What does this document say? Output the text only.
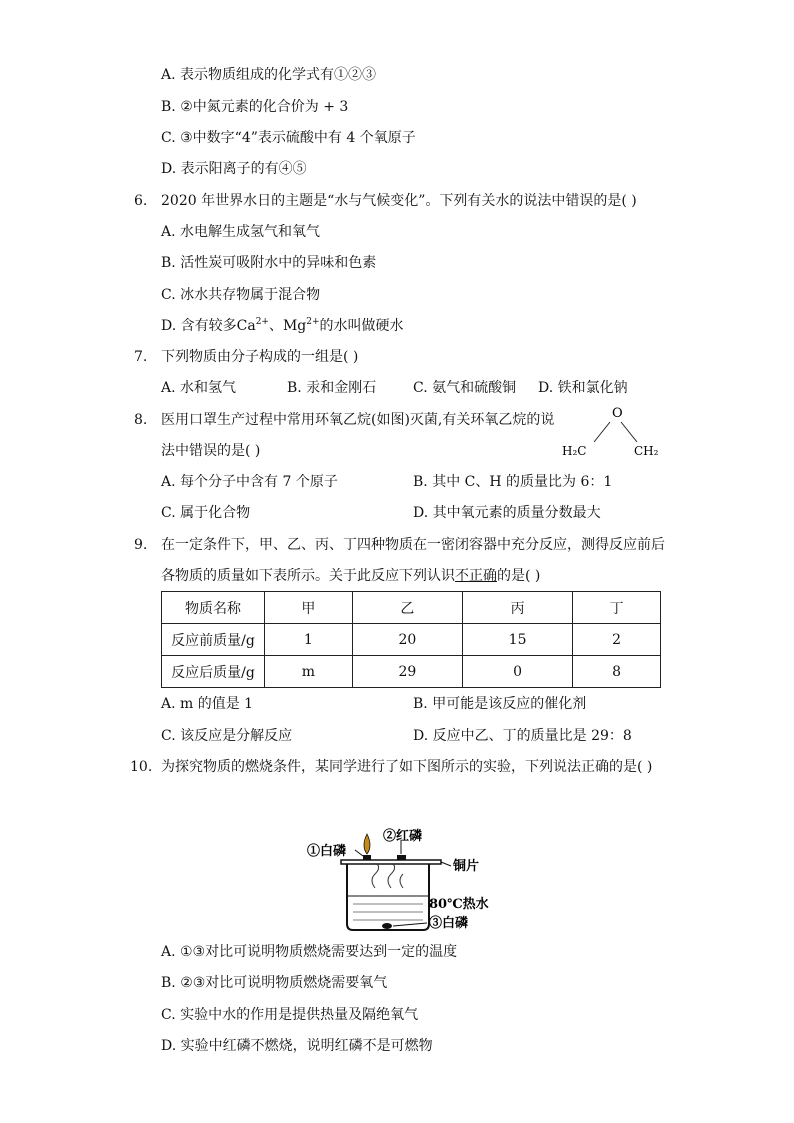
A. 表示物质组成的化学式有①②③
B. ②中氮元素的化合价为 + 3
C. ③中数字“4”表示硫酸中有 4 个氧原子
D. 表示阳离子的有④⑤
6. 2020 年世界水日的主题是“水与气候变化”。下列有关水的说法中错误的是( )
A. 水电解生成氢气和氧气
B. 活性炭可吸附水中的异味和色素
C. 冰水共存物属于混合物
D. 含有较多$Ca^{2+}$、$Mg^{2+}$的水叫做硬水
7. 下列物质由分子构成的一组是( )
A. 水和氢气	B. 汞和金刚石	C. 氨气和硫酸铜 D. 铁和氯化钠
8. 医用口罩生产过程中常用环氧乙烷(如图)灭菌,有关环氧乙烷的说
法中错误的是( )
O
H₂C	CH₂
A. 每个分子中含有 7 个原子	B. 其中 C、H 的质量比为 6：1
C. 属于化合物	D. 其中氧元素的质量分数最大
9. 在一定条件下，甲、乙、丙、丁四种物质在一密闭容器中充分反应，测得反应前后
各物质的质量如下表所示。关于此反应下列认识不正确的是( )
物质名称	甲	乙	丙	丁
反应前质量/g	1	20	15	2
反应后质量/g	m	29	0	8
A. m 的值是 1	B. 甲可能是该反应的催化剂
C. 该反应是分解反应	D. 反应中乙、丁的质量比是 29：8
10. 为探究物质的燃烧条件，某同学进行了如下图所示的实验，下列说法正确的是( )
①白磷
②红磷
铜片
80℃热水
③白磷
A. ①③对比可说明物质燃烧需要达到一定的温度
B. ②③对比可说明物质燃烧需要氧气
C. 实验中水的作用是提供热量及隔绝氧气
D. 实验中红磷不燃烧，说明红磷不是可燃物
